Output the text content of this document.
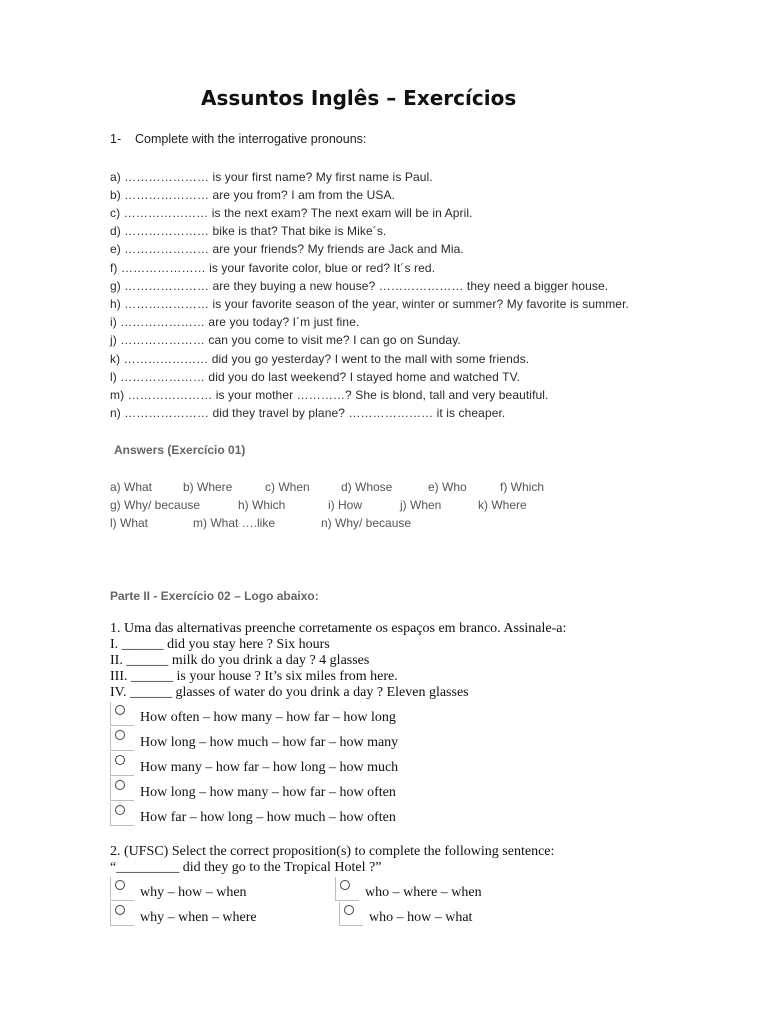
Assuntos Inglês – Exercícios
1- Complete with the interrogative pronouns:
a) ………………… is your first name? My first name is Paul.
b) ………………… are you from? I am from the USA.
c) ………………… is the next exam? The next exam will be in April.
d) ………………… bike is that? That bike is Mike´s.
e) ………………… are your friends? My friends are Jack and Mia.
f) ………………… is your favorite color, blue or red? It´s red.
g) ………………… are they buying a new house? ………………… they need a bigger house.
h) ………………… is your favorite season of the year, winter or summer? My favorite is summer.
i) ………………… are you today? I´m just fine.
j) ………………… can you come to visit me? I can go on Sunday.
k) ………………… did you go yesterday? I went to the mall with some friends.
l) ………………… did you do last weekend? I stayed home and watched TV.
m) ………………… is your mother …………? She is blond, tall and very beautiful.
n) ………………… did they travel by plane? ………………… it is cheaper.
Answers (Exercício 01)
a) What	b) Where	c) When	d) Whose	e) Who	f) Which
g) Why/ because	h) Which	i) How	j) When	k) Where
l) What	m) What ….like	n) Why/ because
Parte II - Exercício 02 – Logo abaixo:
1. Uma das alternativas preenche corretamente os espaços em branco. Assinale-a:
I. ______ did you stay here ? Six hours
II. ______ milk do you drink a day ? 4 glasses
III. ______ is your house ? It’s six miles from here.
IV. ______ glasses of water do you drink a day ? Eleven glasses
How often – how many – how far – how long
How long – how much – how far – how many
How many – how far – how long – how much
How long – how many – how far – how often
How far – how long – how much – how often
2. (UFSC) Select the correct proposition(s) to complete the following sentence:
“_________ did they go to the Tropical Hotel ?”
why – how – when
why – when – where
who – where – when
who – how – what
